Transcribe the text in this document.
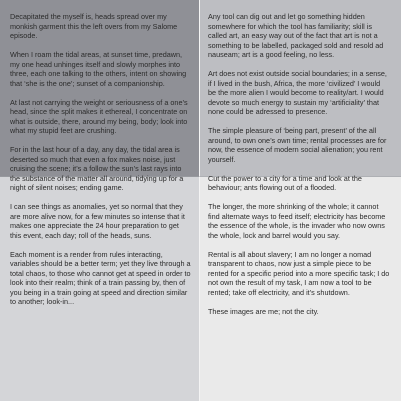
Decapitated the myself is, heads spread over my monkish garment this the left overs from my Salome episode.

When I roam the tidal areas, at sunset time, predawn, my one head unhinges itself and slowly morphes into three, each one talking to the others, intent on showing that ‘she is the one’; sunset of a companionship.

At last not carrying the weight or seriousness of a one’s head, since the split makes it ethereal, I concentrate on what is outside, there, around my being, body; look into what my stupid feet are crushing.

For in the last hour of a day, any day, the tidal area is deserted so much that even a fox makes noise, just cruising the scene; it’s a follow the sun’s last rays into the substance of the matter all around, tidying up for a night of silent noises; ending game.

I can see things as anomalies, yet so normal that they are more alive now, for a few minutes so intense that it makes one appreciate the 24 hour preparation to get this event, each day; roll of the heads, suns.

Each moment is a render from rules interacting, variables should be a better term; yet they live through a total chaos, to those who cannot get at speed in order to look into their realm; think of a train passing by, then of you being in a train going at speed and direction similar to another; look-in...

Any tool can dig out and let go something hidden somewhere for which the tool has familiarity; skill is called art, an easy way out of the fact that art is not a something to be labelled, packaged sold and resold ad nauseam; art is a good feeling, no less.

Art does not exist outside social boundaries; in a sense, if I lived in the bush, Africa, the more ‘civilized’ I would be the more alien I would become to reality/art. I would devote so much energy to sustain my ‘artificiality’ that none could be adressed to presence.

The simple pleasure of ‘being part, present’ of the all around, to own one’s own time; rental processes are for now, the essence of modern social alienation; you rent yourself.

Cut the power to a city for a time and look at the behaviour; ants flowing out of a flooded.

The longer, the more shrinking of the whole; it cannot find alternate ways to feed itself; electricity has become the essence of the whole, is the invader who now owns the whole, lock and barrel would you say.

Rental is all about slavery; I am no longer a nomad transparent to chaos, now just a simple piece to be rented for a specific period into a more specific task; I do not own the result of my task, I am now a tool to be rented; take off electricity, and it’s shutdown.

These images are me; not the city.
